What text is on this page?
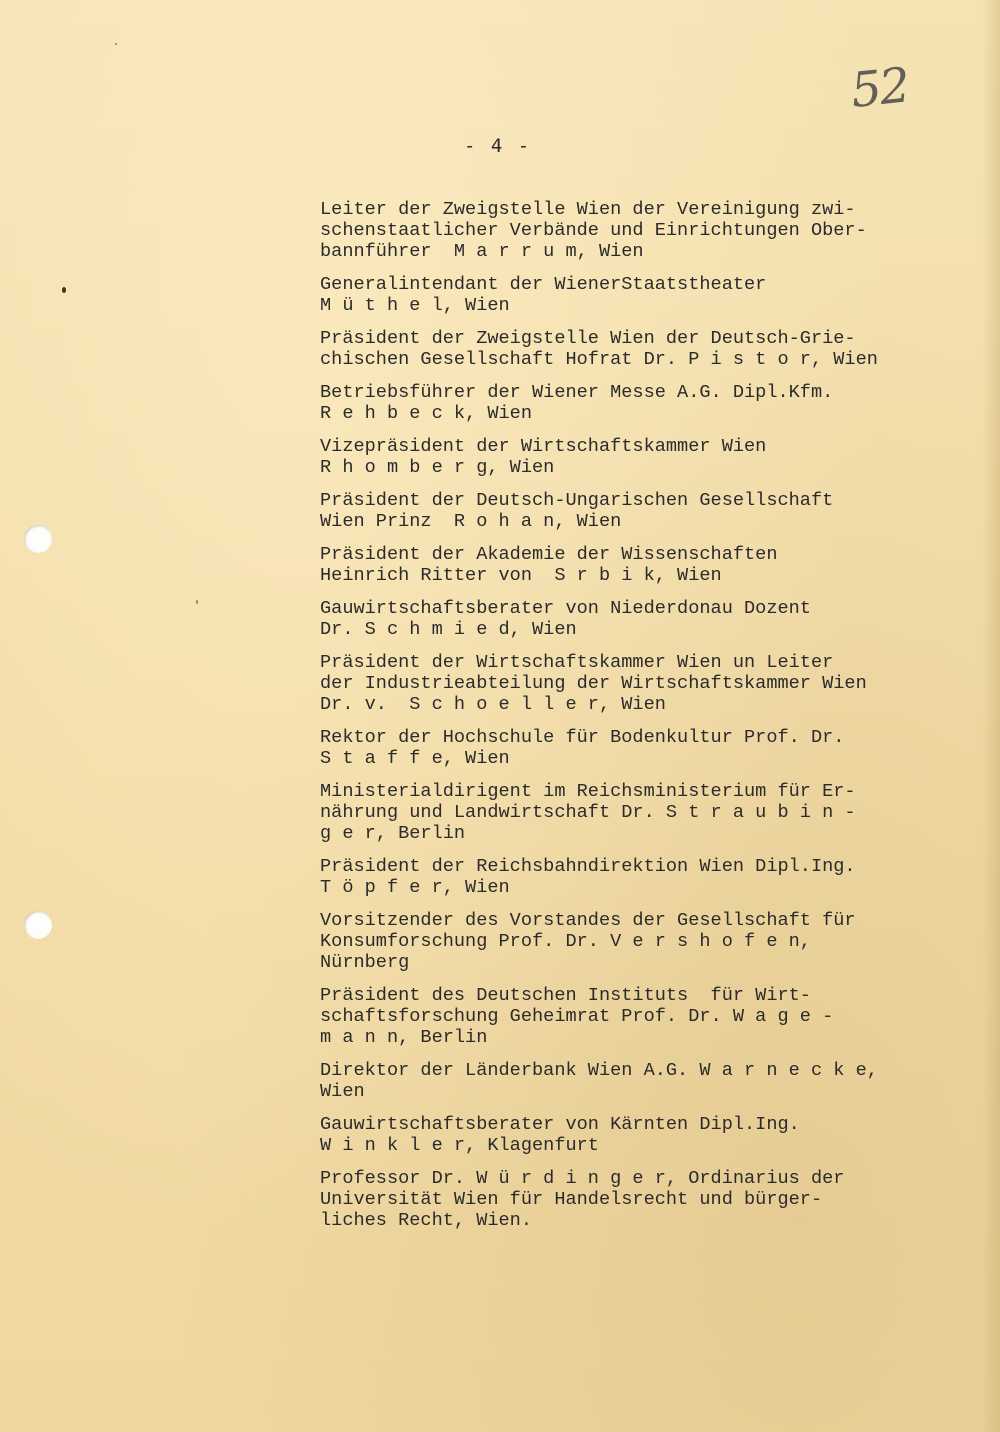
52
- 4 -
Leiter der Zweigstelle Wien der Vereinigung zwi-
schenstaatlicher Verbände und Einrichtungen Ober-
bannführer  M a r r u m, Wien
Generalintendant der WienerStaatstheater
M ü t h e l, Wien
Präsident der Zweigstelle Wien der Deutsch-Grie-
chischen Gesellschaft Hofrat Dr. P i s t o r, Wien
Betriebsführer der Wiener Messe A.G. Dipl.Kfm.
R e h b e c k, Wien
Vizepräsident der Wirtschaftskammer Wien
R h o m b e r g, Wien
Präsident der Deutsch-Ungarischen Gesellschaft
Wien Prinz  R o h a n, Wien
Präsident der Akademie der Wissenschaften
Heinrich Ritter von  S r b i k, Wien
Gauwirtschaftsberater von Niederdonau Dozent
Dr. S c h m i e d, Wien
Präsident der Wirtschaftskammer Wien un Leiter
der Industrieabteilung der Wirtschaftskammer Wien
Dr. v.  S c h o e l l e r, Wien
Rektor der Hochschule für Bodenkultur Prof. Dr.
S t a f f e, Wien
Ministerialdirigent im Reichsministerium für Er-
nährung und Landwirtschaft Dr. S t r a u b i n -
g e r, Berlin
Präsident der Reichsbahndirektion Wien Dipl.Ing.
T ö p f e r, Wien
Vorsitzender des Vorstandes der Gesellschaft für
Konsumforschung Prof. Dr. V e r s h o f e n,
Nürnberg
Präsident des Deutschen Instituts  für Wirt-
schaftsforschung Geheimrat Prof. Dr. W a g e -
m a n n, Berlin
Direktor der Länderbank Wien A.G. W a r n e c k e,
Wien
Gauwirtschaftsberater von Kärnten Dipl.Ing.
W i n k l e r, Klagenfurt
Professor Dr. W ü r d i n g e r, Ordinarius der
Universität Wien für Handelsrecht und bürger-
liches Recht, Wien.
